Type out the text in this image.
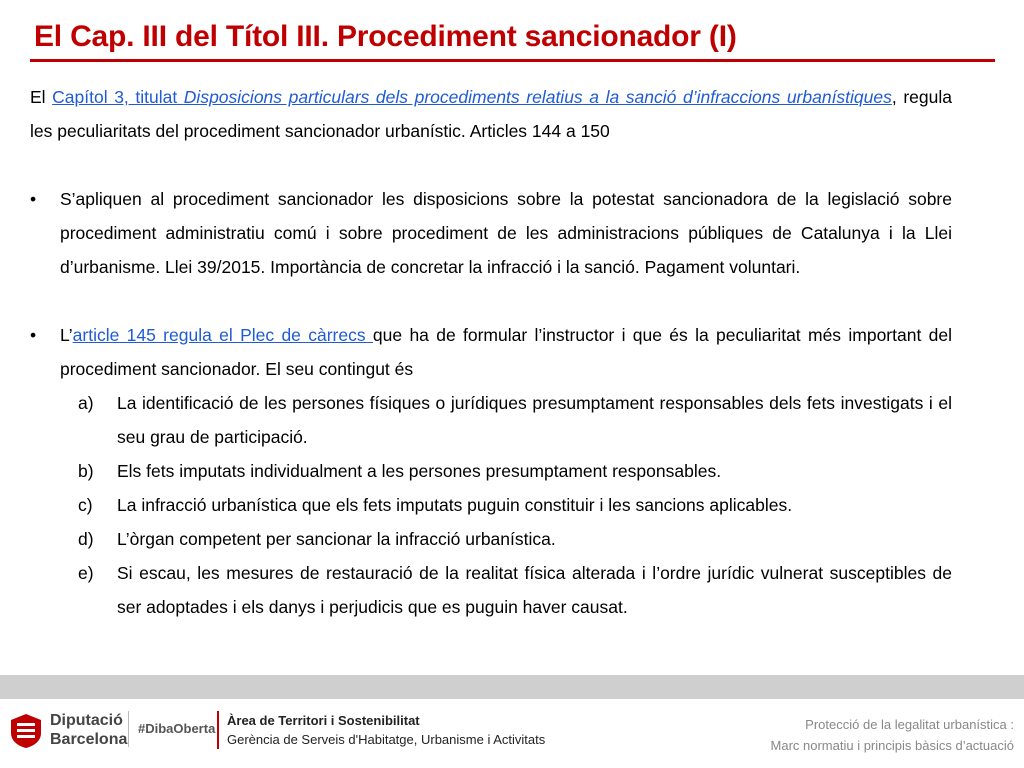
El Cap. III del Títol III. Procediment sancionador (I)

El Capítol 3, titulat Disposicions particulars dels procediments relatius a la sanció d’infraccions urbanístiques, regula les peculiaritats del procediment sancionador urbanístic. Articles 144 a 150

•	S’apliquen al procediment sancionador les disposicions sobre la potestat sancionadora de la legislació sobre procediment administratiu comú i sobre procediment de les administracions públiques de Catalunya i la Llei d’urbanisme. Llei 39/2015. Importància de concretar la infracció i la sanció. Pagament voluntari.

•	L’article 145 regula el Plec de càrrecs que ha de formular l’instructor i que és la peculiaritat més important del procediment sancionador. El seu contingut és

a) La identificació de les persones físiques o jurídiques presumptament responsables dels fets investigats i el seu grau de participació.

b) Els fets imputats individualment a les persones presumptament responsables.

c) La infracció urbanística que els fets imputats puguin constituir i les sancions aplicables.

d) L’òrgan competent per sancionar la infracció urbanística.

e) Si escau, les mesures de restauració de la realitat física alterada i l’ordre jurídic vulnerat susceptibles de ser adoptades i els danys i perjudicis que es puguin haver causat.

Diputació
Barcelona
#DibaOberta
Àrea de Territori i Sostenibilitat
Gerència de Serveis d'Habitatge, Urbanisme i Activitats
Protecció de la legalitat urbanística :
Marc normatiu i principis bàsics d’actuació
